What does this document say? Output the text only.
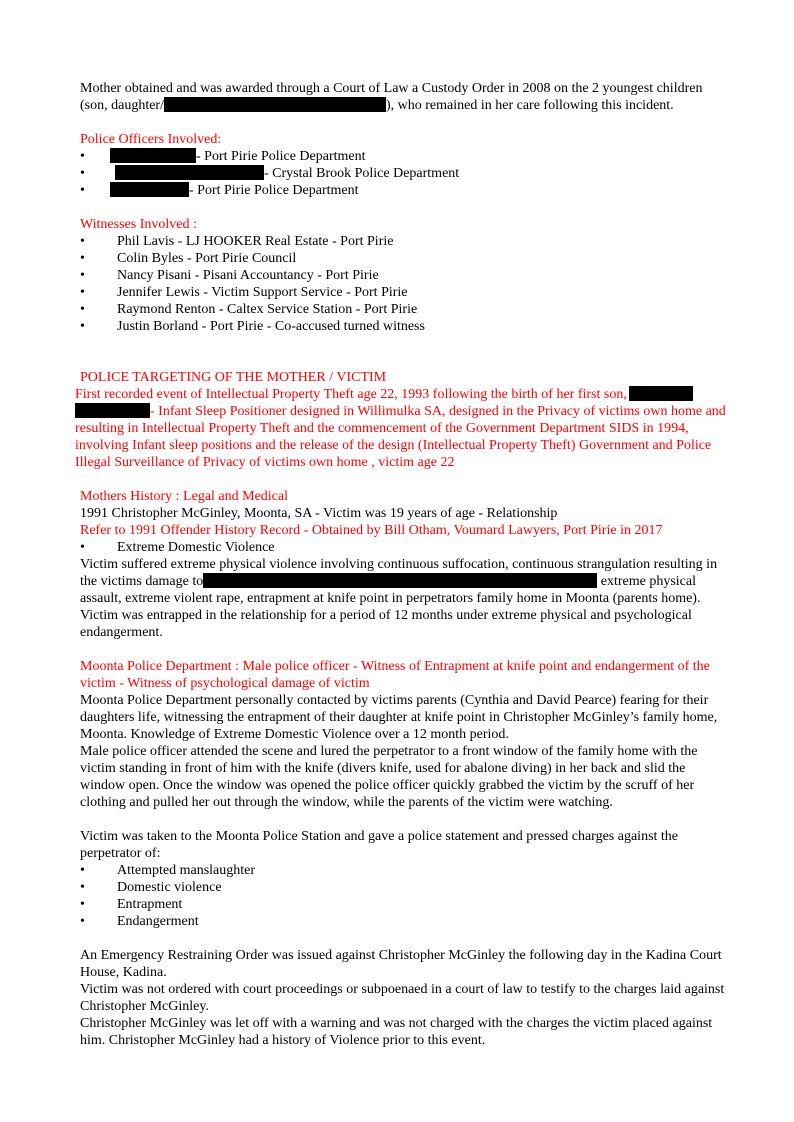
Mother obtained and was awarded through a Court of Law a Custody Order in 2008 on the 2 youngest children (son, daughter/	), who remained in her care following this incident.

Police Officers Involved:

•	- Port Pirie Police Department
•	- Crystal Brook Police Department
•	- Port Pirie Police Department

Witnesses Involved :

• Phil Lavis - LJ HOOKER Real Estate - Port Pirie
• Colin Byles - Port Pirie Council
• Nancy Pisani - Pisani Accountancy - Port Pirie
• Jennifer Lewis - Victim Support Service - Port Pirie
• Raymond Renton - Caltex Service Station - Port Pirie
• Justin Borland - Port Pirie - Co-accused turned witness

POLICE TARGETING OF THE MOTHER / VICTIM

First recorded event of Intellectual Property Theft age 22, 1993 following the birth of her first son,- Infant Sleep Positioner designed in Willimulka SA, designed in the Privacy of victims own home and resulting in Intellectual Property Theft and the commencement of the Government Department SIDS in 1994, involving Infant sleep positions and the release of the design (Intellectual Property Theft) Government and Police Illegal Surveillance of Privacy of victims own home , victim age 22

Mothers History : Legal and Medical

1991 Christopher McGinley, Moonta, SA - Victim was 19 years of age - Relationship

Refer to 1991 Offender History Record - Obtained by Bill Otham, Voumard Lawyers, Port Pirie in 2017

• Extreme Domestic Violence

Victim suffered extreme physical violence involving continuous suffocation, continuous strangulation resulting in the victims damage to	extreme physical assault, extreme violent rape, entrapment at knife point in perpetrators family home in Moonta (parents home). Victim was entrapped in the relationship for a period of 12 months under extreme physical and psychological endangerment.

Moonta Police Department : Male police officer - Witness of Entrapment at knife point and endangerment of the victim - Witness of psychological damage of victim

Moonta Police Department personally contacted by victims parents (Cynthia and David Pearce) fearing for their daughters life, witnessing the entrapment of their daughter at knife point in Christopher McGinley’s family home, Moonta. Knowledge of Extreme Domestic Violence over a 12 month period.

Male police officer attended the scene and lured the perpetrator to a front window of the family home with the victim standing in front of him with the knife (divers knife, used for abalone diving) in her back and slid the window open. Once the window was opened the police officer quickly grabbed the victim by the scruff of her clothing and pulled her out through the window, while the parents of the victim were watching.

Victim was taken to the Moonta Police Station and gave a police statement and pressed charges against the perpetrator of:

• Attempted manslaughter
• Domestic violence
• Entrapment
• Endangerment

An Emergency Restraining Order was issued against Christopher McGinley the following day in the Kadina Court House, Kadina.

Victim was not ordered with court proceedings or subpoenaed in a court of law to testify to the charges laid against Christopher McGinley.

Christopher McGinley was let off with a warning and was not charged with the charges the victim placed against him. Christopher McGinley had a history of Violence prior to this event.
